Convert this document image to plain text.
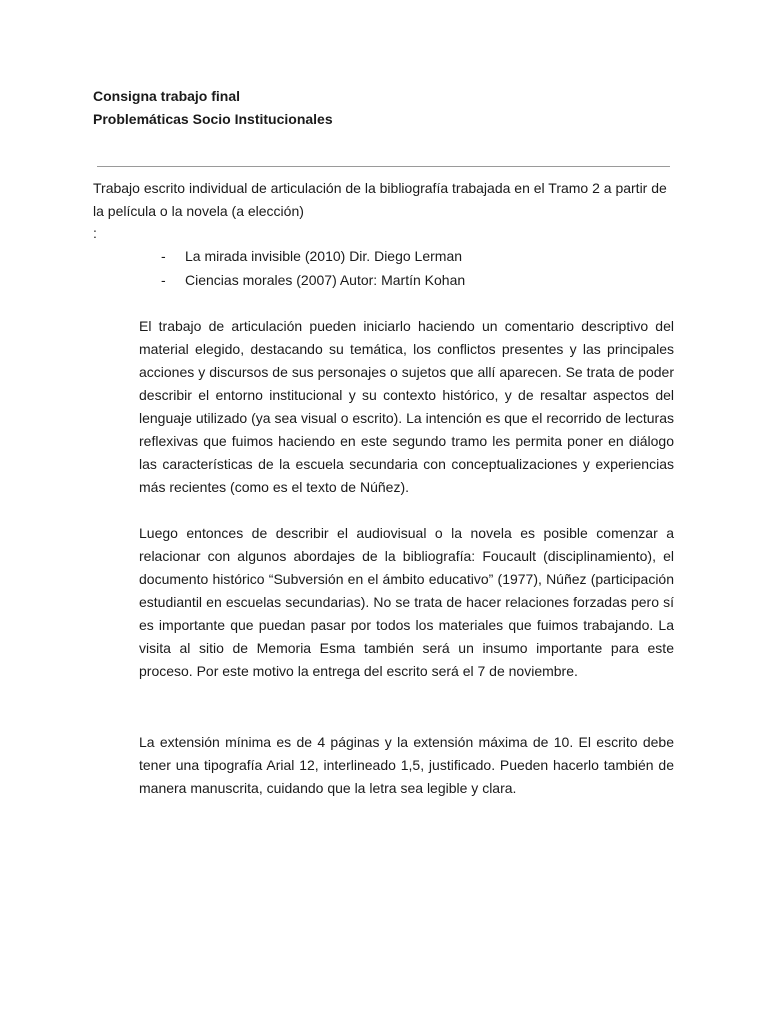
Consigna trabajo final
Problemáticas Socio Institucionales
Trabajo escrito individual de articulación de la bibliografía trabajada en el Tramo 2 a partir de la película o la novela (a elección)
:
- La mirada invisible (2010) Dir. Diego Lerman
- Ciencias morales (2007) Autor: Martín Kohan
El trabajo de articulación pueden iniciarlo haciendo un comentario descriptivo del material elegido, destacando su temática, los conflictos presentes y las principales acciones y discursos de sus personajes o sujetos que allí aparecen. Se trata de poder describir el entorno institucional y su contexto histórico, y de resaltar aspectos del lenguaje utilizado (ya sea visual o escrito). La intención es que el recorrido de lecturas reflexivas que fuimos haciendo en este segundo tramo les permita poner en diálogo las características de la escuela secundaria con conceptualizaciones y experiencias más recientes (como es el texto de Núñez).
Luego entonces de describir el audiovisual o la novela es posible comenzar a relacionar con algunos abordajes de la bibliografía: Foucault (disciplinamiento), el documento histórico “Subversión en el ámbito educativo” (1977), Núñez (participación estudiantil en escuelas secundarias). No se trata de hacer relaciones forzadas pero sí es importante que puedan pasar por todos los materiales que fuimos trabajando. La visita al sitio de Memoria Esma también será un insumo importante para este proceso. Por este motivo la entrega del escrito será el 7 de noviembre.
La extensión mínima es de 4 páginas y la extensión máxima de 10. El escrito debe tener una tipografía Arial 12, interlineado 1,5, justificado. Pueden hacerlo también de manera manuscrita, cuidando que la letra sea legible y clara.
